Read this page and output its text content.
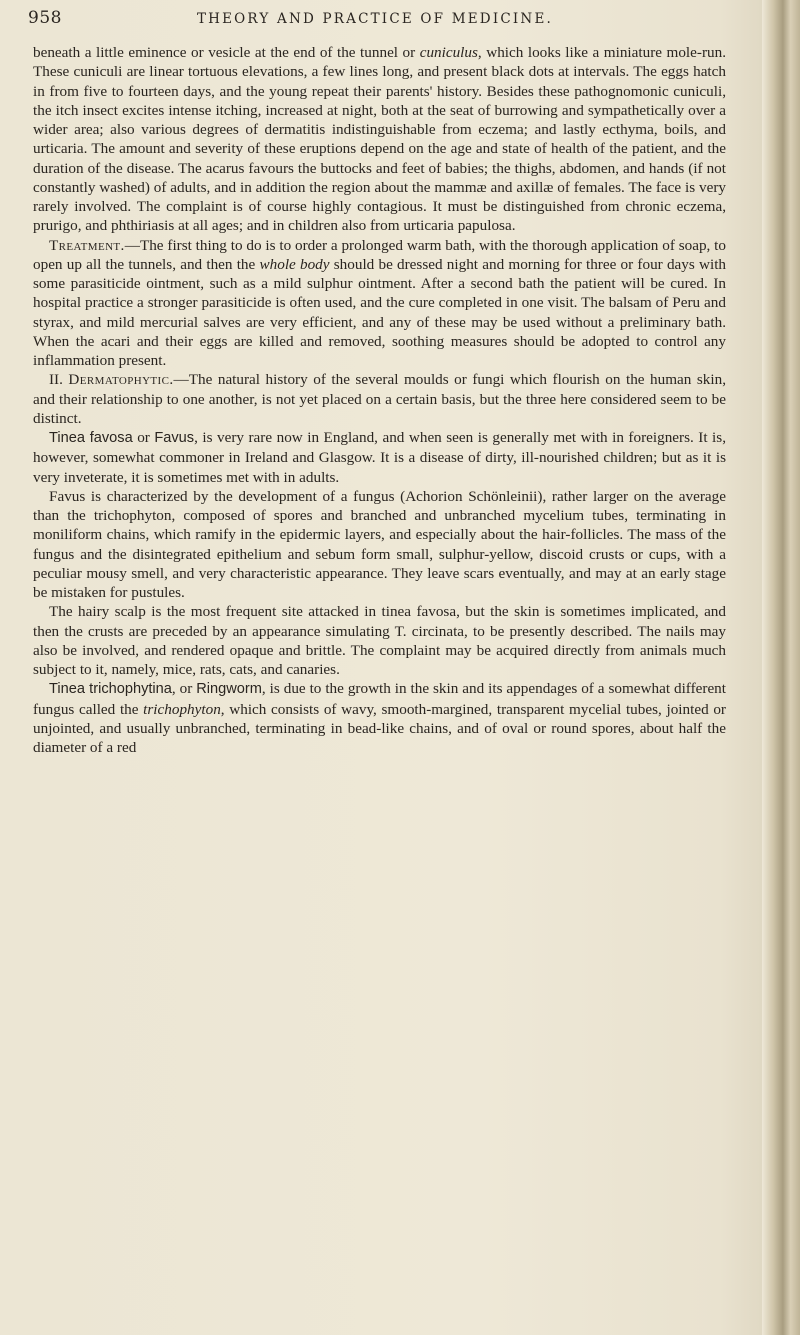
958	THEORY AND PRACTICE OF MEDICINE.

beneath a little eminence or vesicle at the end of the tunnel or cuniculus, which looks like a miniature mole-run. These cuniculi are linear tortuous elevations, a few lines long, and present black dots at intervals. The eggs hatch in from five to fourteen days, and the young repeat their parents' history. Besides these pathognomonic cuniculi, the itch insect excites intense itching, increased at night, both at the seat of burrowing and sympathetically over a wider area; also various degrees of dermatitis indistinguishable from eczema; and lastly ecthyma, boils, and urticaria. The amount and severity of these eruptions depend on the age and state of health of the patient, and the duration of the disease. The acarus favours the buttocks and feet of babies; the thighs, abdomen, and hands (if not constantly washed) of adults, and in addition the region about the mammæ and axillæ of females. The face is very rarely involved. The complaint is of course highly contagious. It must be distinguished from chronic eczema, prurigo, and phthiriasis at all ages; and in children also from urticaria papulosa.

Treatment.—The first thing to do is to order a prolonged warm bath, with the thorough application of soap, to open up all the tunnels, and then the whole body should be dressed night and morning for three or four days with some parasiticide ointment, such as a mild sulphur ointment. After a second bath the patient will be cured. In hospital practice a stronger parasiticide is often used, and the cure completed in one visit. The balsam of Peru and styrax, and mild mercurial salves are very efficient, and any of these may be used without a preliminary bath. When the acari and their eggs are killed and removed, soothing measures should be adopted to control any inflammation present.

II. Dermatophytic.—The natural history of the several moulds or fungi which flourish on the human skin, and their relationship to one another, is not yet placed on a certain basis, but the three here considered seem to be distinct.

Tinea favosa or Favus, is very rare now in England, and when seen is generally met with in foreigners. It is, however, somewhat commoner in Ireland and Glasgow. It is a disease of dirty, ill-nourished children; but as it is very inveterate, it is sometimes met with in adults.

Favus is characterized by the development of a fungus (Achorion Schönleinii), rather larger on the average than the trichophyton, composed of spores and branched and unbranched mycelium tubes, terminating in moniliform chains, which ramify in the epidermic layers, and especially about the hair-follicles. The mass of the fungus and the disintegrated epithelium and sebum form small, sulphur-yellow, discoid crusts or cups, with a peculiar mousy smell, and very characteristic appearance. They leave scars eventually, and may at an early stage be mistaken for pustules.

The hairy scalp is the most frequent site attacked in tinea favosa, but the skin is sometimes implicated, and then the crusts are preceded by an appearance simulating T. circinata, to be presently described. The nails may also be involved, and rendered opaque and brittle. The complaint may be acquired directly from animals much subject to it, namely, mice, rats, cats, and canaries.

Tinea trichophytina, or Ringworm, is due to the growth in the skin and its appendages of a somewhat different fungus called the trichophyton, which consists of wavy, smooth-margined, transparent mycelial tubes, jointed or unjointed, and usually unbranched, terminating in bead-like chains, and of oval or round spores, about half the diameter of a red
